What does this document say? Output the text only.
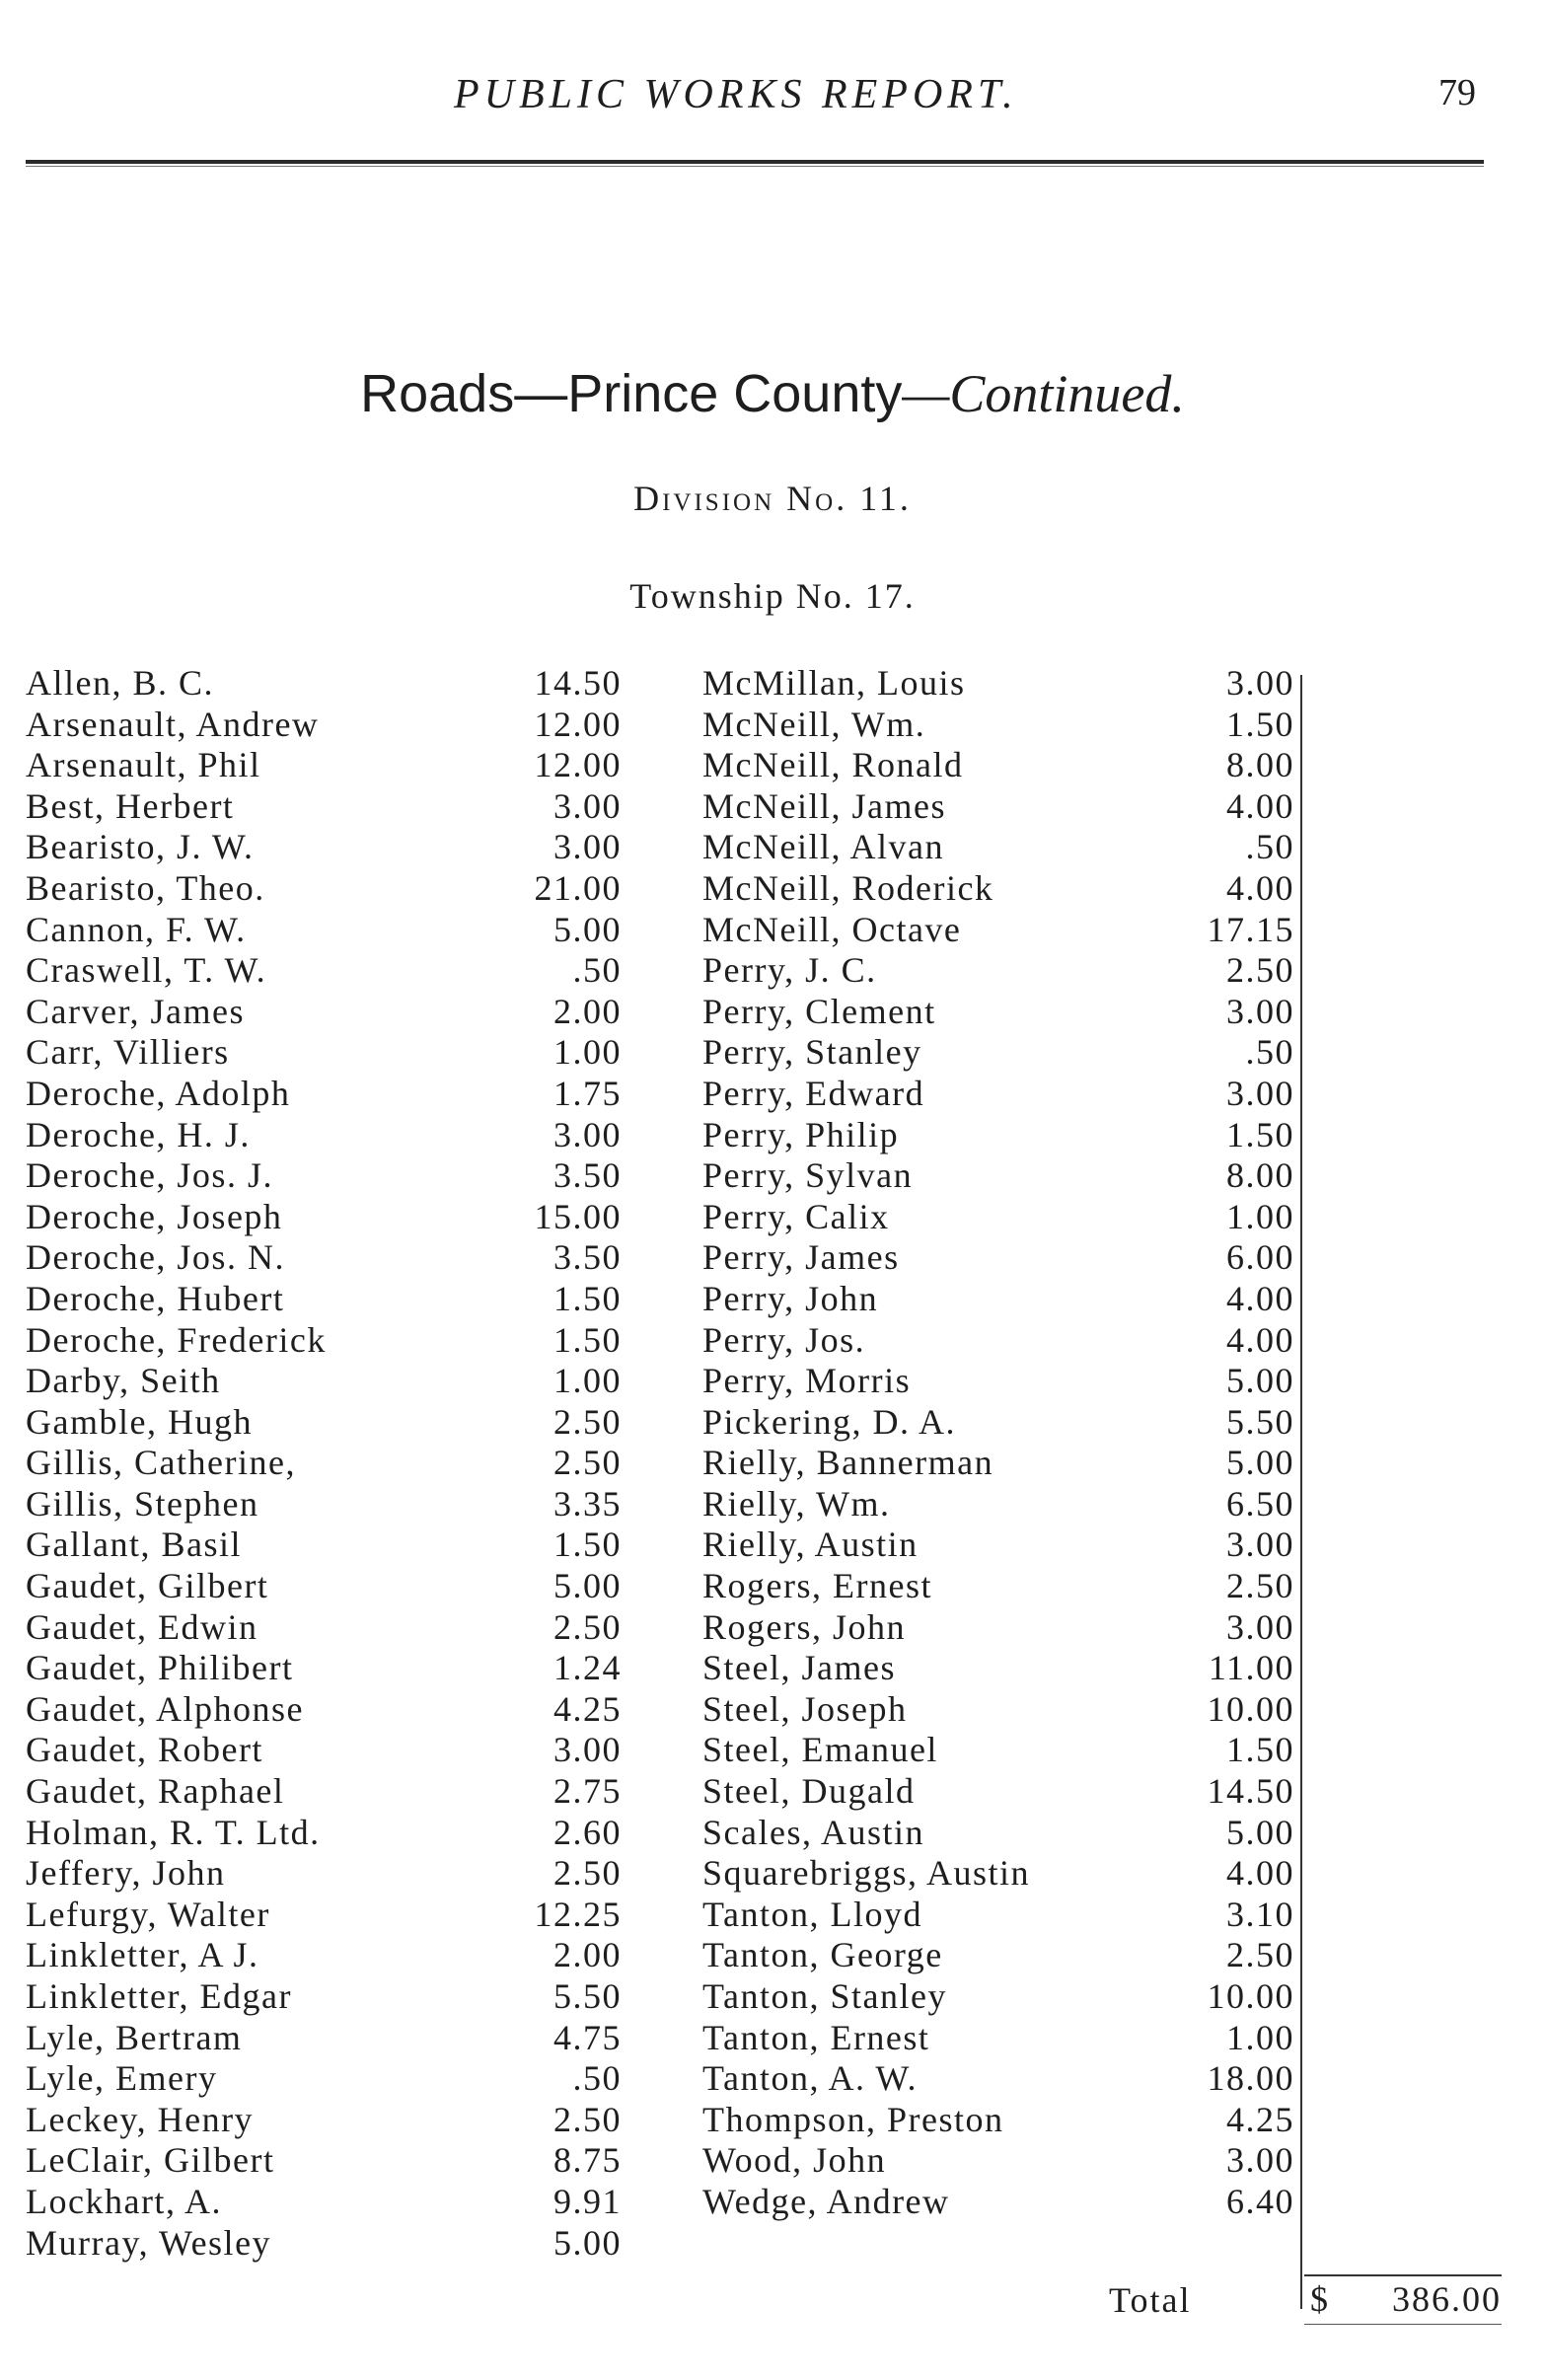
PUBLIC WORKS REPORT.	79
Roads—Prince County—Continued.
Division No. 11.
Township No. 17.
Allen, B. C.	14.50
Arsenault, Andrew	12.00
Arsenault, Phil	12.00
Best, Herbert	3.00
Bearisto, J. W.	3.00
Bearisto, Theo.	21.00
Cannon, F. W.	5.00
Craswell, T. W.	.50
Carver, James	2.00
Carr, Villiers	1.00
Deroche, Adolph	1.75
Deroche, H. J.	3.00
Deroche, Jos. J.	3.50
Deroche, Joseph	15.00
Deroche, Jos. N.	3.50
Deroche, Hubert	1.50
Deroche, Frederick	1.50
Darby, Seith	1.00
Gamble, Hugh	2.50
Gillis, Catherine,	2.50
Gillis, Stephen	3.35
Gallant, Basil	1.50
Gaudet, Gilbert	5.00
Gaudet, Edwin	2.50
Gaudet, Philibert	1.24
Gaudet, Alphonse	4.25
Gaudet, Robert	3.00
Gaudet, Raphael	2.75
Holman, R. T. Ltd.	2.60
Jeffery, John	2.50
Lefurgy, Walter	12.25
Linkletter, A J.	2.00
Linkletter, Edgar	5.50
Lyle, Bertram	4.75
Lyle, Emery	.50
Leckey, Henry	2.50
LeClair, Gilbert	8.75
Lockhart, A.	9.91
Murray, Wesley	5.00
McMillan, Louis	3.00
McNeill, Wm.	1.50
McNeill, Ronald	8.00
McNeill, James	4.00
McNeill, Alvan	.50
McNeill, Roderick	4.00
McNeill, Octave	17.15
Perry, J. C.	2.50
Perry, Clement	3.00
Perry, Stanley	.50
Perry, Edward	3.00
Perry, Philip	1.50
Perry, Sylvan	8.00
Perry, Calix	1.00
Perry, James	6.00
Perry, John	4.00
Perry, Jos.	4.00
Perry, Morris	5.00
Pickering, D. A.	5.50
Rielly, Bannerman	5.00
Rielly, Wm.	6.50
Rielly, Austin	3.00
Rogers, Ernest	2.50
Rogers, John	3.00
Steel, James	11.00
Steel, Joseph	10.00
Steel, Emanuel	1.50
Steel, Dugald	14.50
Scales, Austin	5.00
Squarebriggs, Austin	4.00
Tanton, Lloyd	3.10
Tanton, George	2.50
Tanton, Stanley	10.00
Tanton, Ernest	1.00
Tanton, A. W.	18.00
Thompson, Preston	4.25
Wood, John	3.00
Wedge, Andrew	6.40
Total	$ 386.00
